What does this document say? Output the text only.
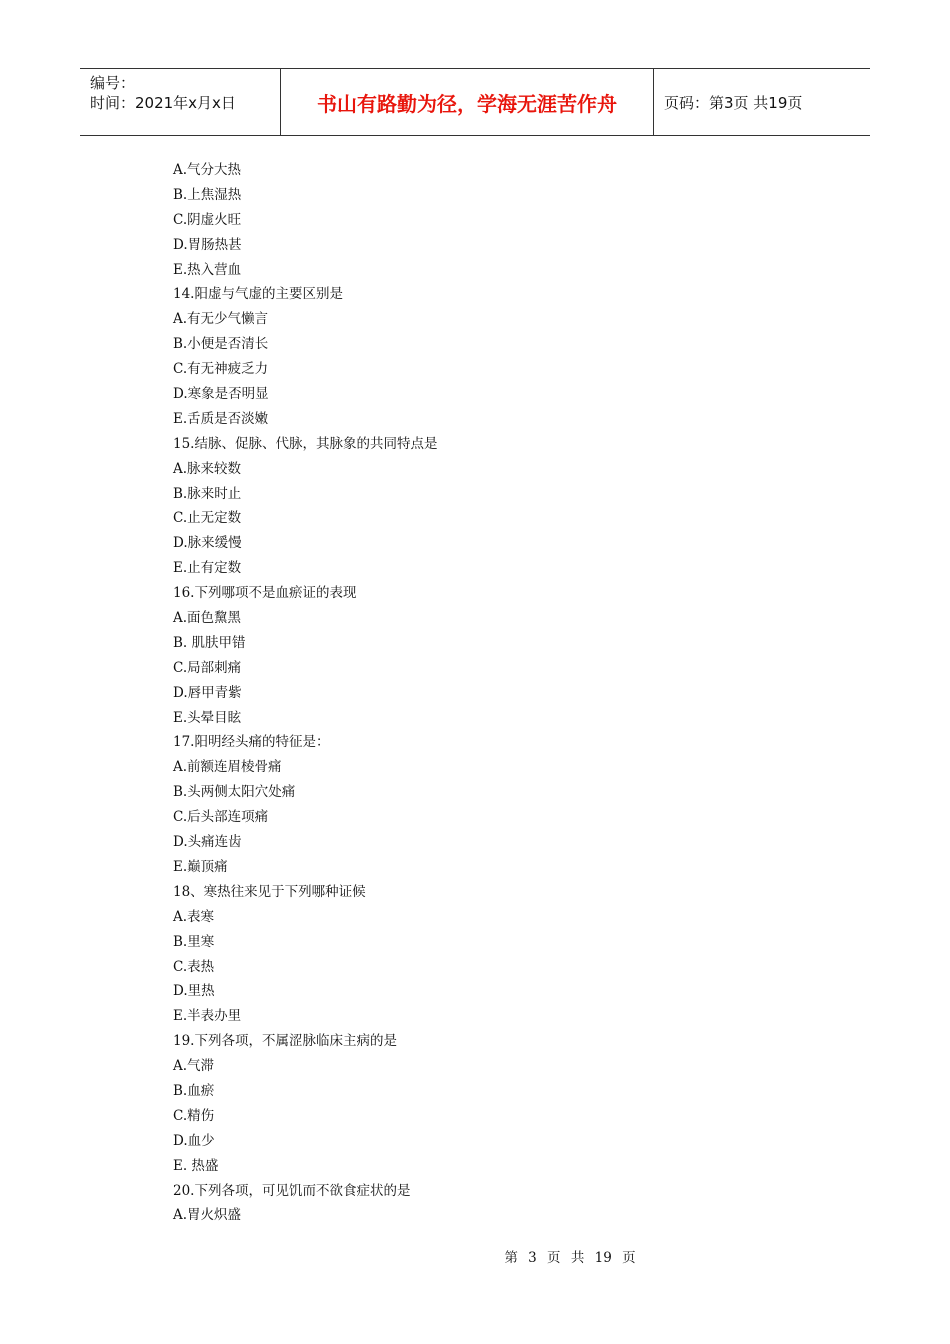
编号：
时间：2021年x月x日	书山有路勤为径，学海无涯苦作舟	页码：第3页 共19页
A.气分大热
B.上焦湿热
C.阴虚火旺
D.胃肠热甚
E.热入营血
14.阳虚与气虚的主要区别是
A.有无少气懒言
B.小便是否清长
C.有无神疲乏力
D.寒象是否明显
E.舌质是否淡嫩
15.结脉、促脉、代脉，其脉象的共同特点是
A.脉来较数
B.脉来时止
C.止无定数
D.脉来缓慢
E.止有定数
16.下列哪项不是血瘀证的表现
A.面色黧黑
B. 肌肤甲错
C.局部刺痛
D.唇甲青紫
E.头晕目眩
17.阳明经头痛的特征是：
A.前额连眉棱骨痛
B.头两侧太阳穴处痛
C.后头部连项痛
D.头痛连齿
E.巅顶痛
18、寒热往来见于下列哪种证候
A.表寒
B.里寒
C.表热
D.里热
E.半表办里
19.下列各项，不属涩脉临床主病的是
A.气滞
B.血瘀
C.精伤
D.血少
E. 热盛
20.下列各项，可见饥而不欲食症状的是
A.胃火炽盛
第 3 页 共 19 页
